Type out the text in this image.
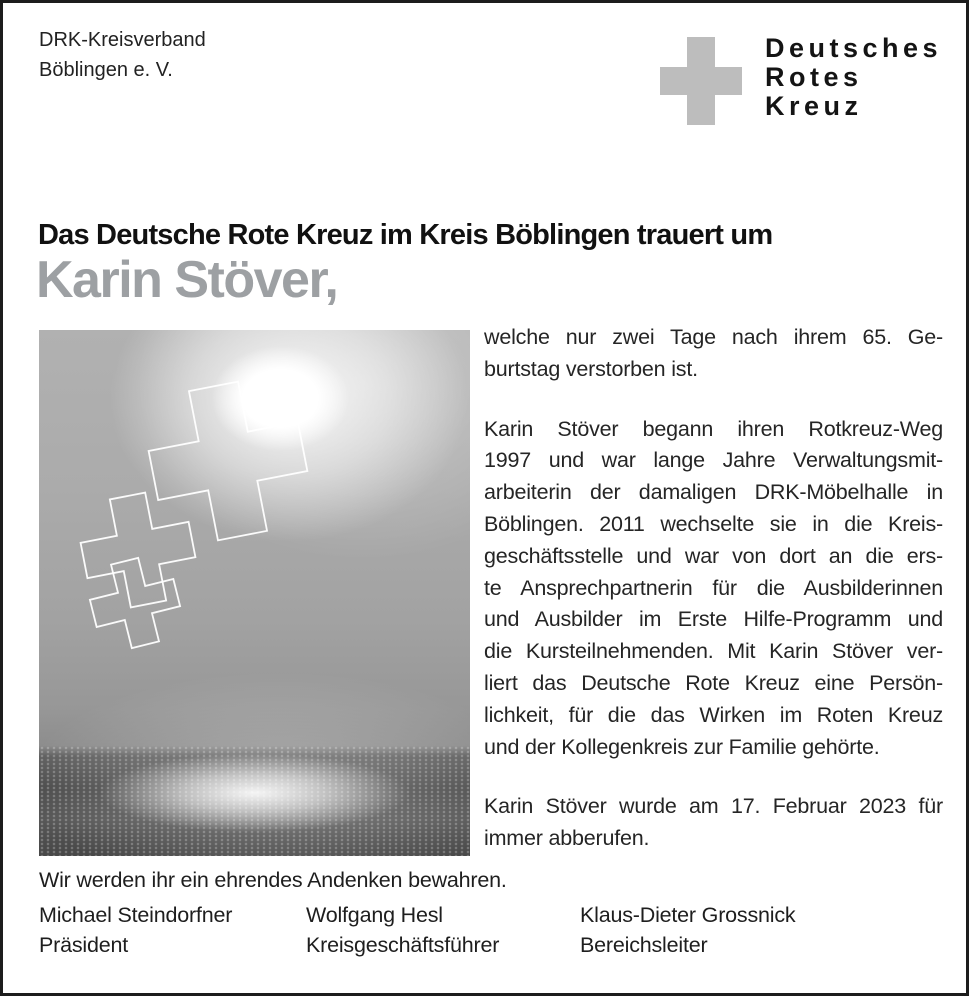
DRK-Kreisverband
Böblingen e. V.
Deutsches
Rotes
Kreuz
Das Deutsche Rote Kreuz im Kreis Böblingen trauert um
Karin Stöver,
welche nur zwei Tage nach ihrem 65. Ge-
burtstag verstorben ist.
Karin Stöver begann ihren Rotkreuz-Weg
1997 und war lange Jahre Verwaltungsmit-
arbeiterin der damaligen DRK-Möbelhalle in
Böblingen. 2011 wechselte sie in die Kreis-
geschäftsstelle und war von dort an die ers-
te Ansprechpartnerin für die Ausbilderinnen
und Ausbilder im Erste Hilfe-Programm und
die Kursteilnehmenden. Mit Karin Stöver ver-
liert das Deutsche Rote Kreuz eine Persön-
lichkeit, für die das Wirken im Roten Kreuz
und der Kollegenkreis zur Familie gehörte.
Karin Stöver wurde am 17. Februar 2023 für
immer abberufen.
Wir werden ihr ein ehrendes Andenken bewahren.
Michael Steindorfner
Präsident
Wolfgang Hesl
Kreisgeschäftsführer
Klaus-Dieter Grossnick
Bereichsleiter
